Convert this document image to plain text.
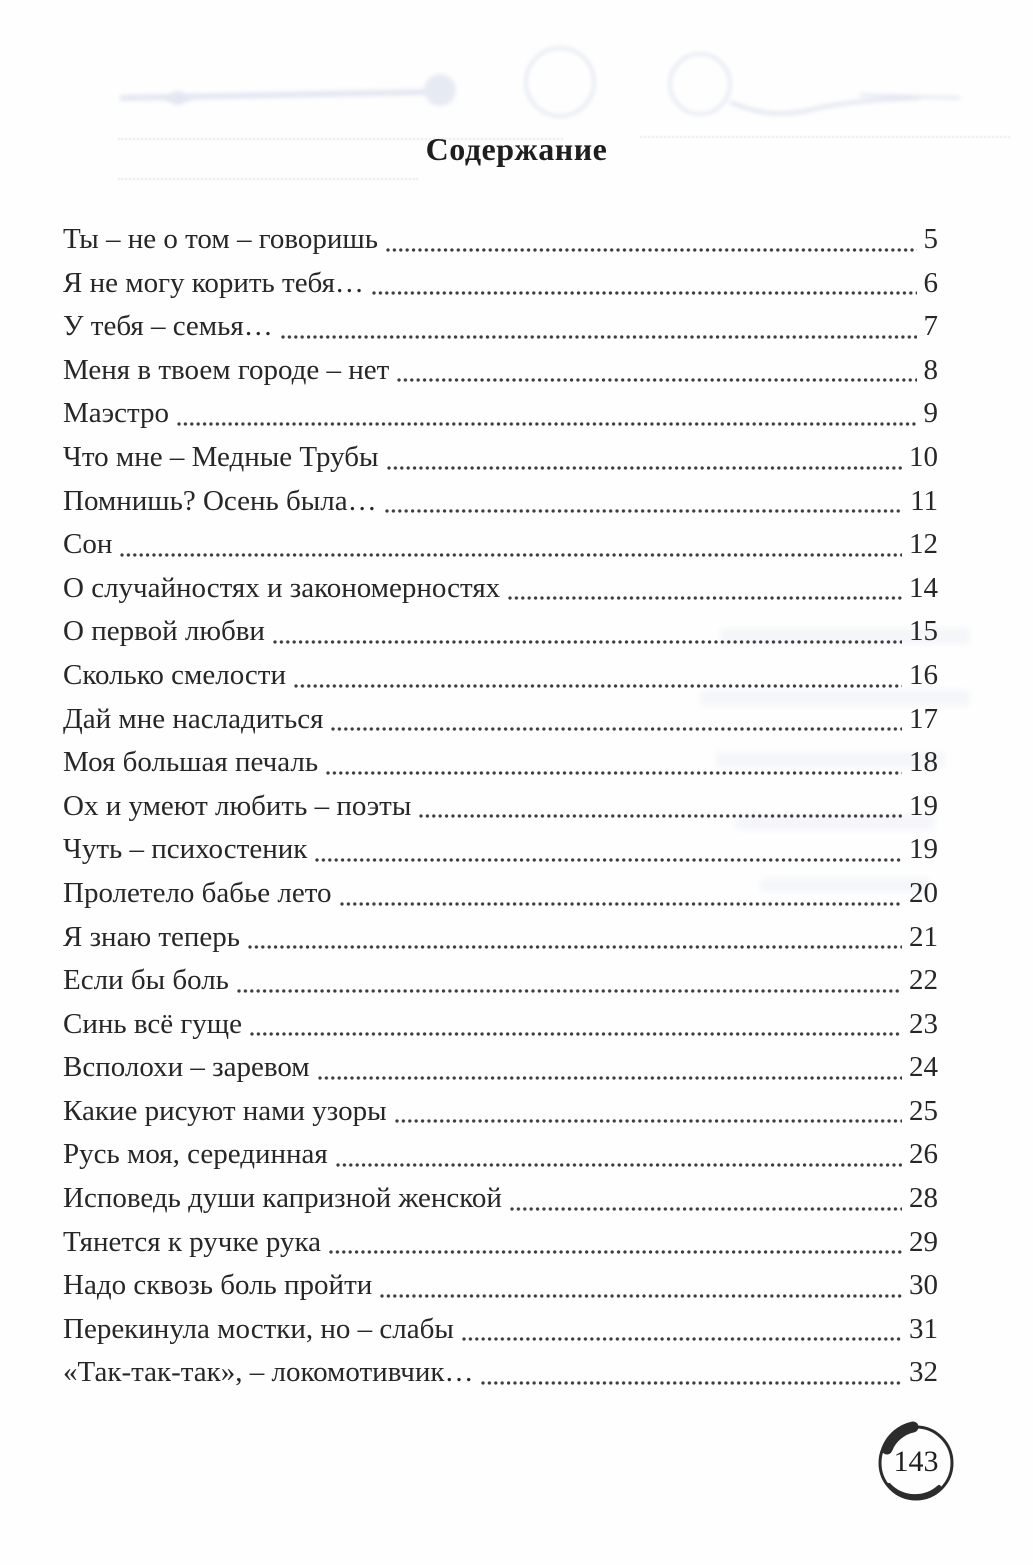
Содержание
Ты – не о том – говоришь	5
Я не могу корить тебя…	6
У тебя – семья…	7
Меня в твоем городе – нет	8
Маэстро	9
Что мне – Медные Трубы	10
Помнишь? Осень была…	11
Сон	12
О случайностях и закономерностях	14
О первой любви	15
Сколько смелости	16
Дай мне насладиться	17
Моя большая печаль	18
Ох и умеют любить – поэты	19
Чуть – психостеник	19
Пролетело бабье лето	20
Я знаю теперь	21
Если бы боль	22
Синь всё гуще	23
Всполохи – заревом	24
Какие рисуют нами узоры	25
Русь моя, серединная	26
Исповедь души капризной женской	28
Тянется к ручке рука	29
Надо сквозь боль пройти	30
Перекинула мостки, но – слабы	31
«Так-так-так», – локомотивчик…	32
143
